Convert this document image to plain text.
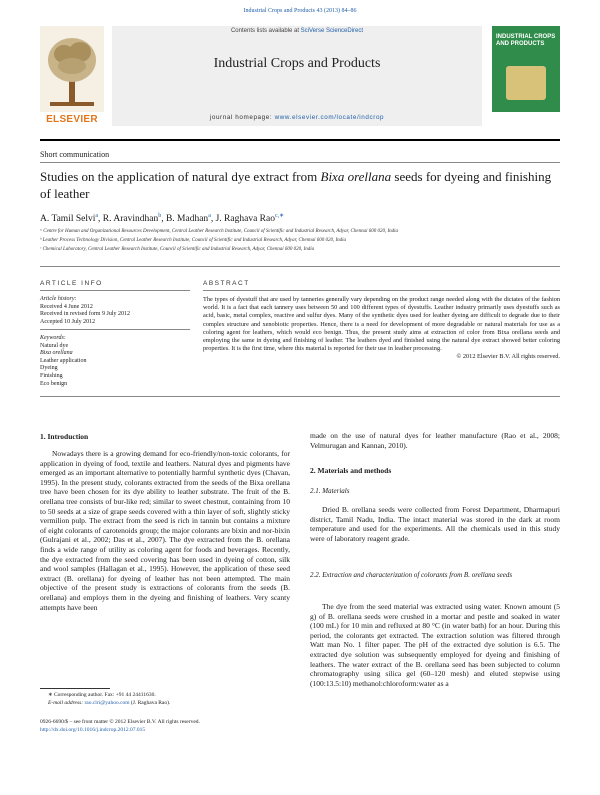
Industrial Crops and Products 43 (2013) 84–86
ELSEVIER
Contents lists available at SciVerse ScienceDirect
Industrial Crops and Products
journal homepage: www.elsevier.com/locate/indcrop
INDUSTRIAL CROPS AND PRODUCTS
Short communication
Studies on the application of natural dye extract from Bixa orellana seeds for dyeing and finishing of leather
A. Tamil Selvi$^a$, R. Aravindhan$^b$, B. Madhan$^a$, J. Raghava Rao$^{c,∗}$
ᵃ Centre for Human and Organizational Resources Development, Central Leather Research Institute, Council of Scientific and Industrial Research, Adyar, Chennai 600 020, India
ᵇ Leather Process Technology Division, Central Leather Research Institute, Council of Scientific and Industrial Research, Adyar, Chennai 600 020, India
ᶜ Chemical Laboratory, Central Leather Research Institute, Council of Scientific and Industrial Research, Adyar, Chennai 600 020, India
ARTICLE INFO
Article history:
Received 4 June 2012
Received in revised form 9 July 2012
Accepted 10 July 2012
Keywords:
Natural dye
Bixa orellana
Leather application
Dyeing
Finishing
Eco benign
ABSTRACT
The types of dyestuff that are used by tanneries generally vary depending on the product range needed along with the dictates of the fashion world. It is a fact that each tannery uses between 50 and 100 different types of dyestuffs. Leather industry primarily uses dyestuffs such as acid, basic, metal complex, reactive and sulfur dyes. Many of the synthetic dyes used for leather dyeing are difficult to degrade due to their complex structure and xenobiotic properties. Hence, there is a need for development of more degradable or natural materials for use as a coloring agent for leathers, which would eco benign. Thus, the present study aims at extraction of color from Bixa orellana seeds and employing the same in dyeing and finishing of leather. The leathers dyed and finished using the natural dye extract showed better coloring properties. It is the first time, where this material is reported for their use in leather processing.
© 2012 Elsevier B.V. All rights reserved.
1. Introduction
Nowadays there is a growing demand for eco-friendly/non-toxic colorants, for application in dyeing of food, textile and leathers. Natural dyes and pigments have emerged as an important alternative to potentially harmful synthetic dyes (Chavan, 1995). In the present study, colorants extracted from the seeds of the Bixa orellana tree have been chosen for its dye ability to leather substrate. The fruit of the B. orellana tree consists of bur-like red; similar to sweet chestnut, containing from 10 to 50 seeds at a size of grape seeds covered with a thin layer of soft, slightly sticky vermilion pulp. The extract from the seed is rich in tannin but contains a mixture of eight colorants of carotenoids group; the major colorants are bixin and nor-bixin (Gulrajani et al., 2002; Das et al., 2007). The dye extracted from the B. orellana finds a wide range of utility as coloring agent for foods and beverages. Recently, the dye extracted from the seed covering has been used in dyeing of cotton, silk and wool samples (Hallagan et al., 1995). However, the application of these seed extract (B. orellana) for dyeing of leather has not been attempted. The main objective of the present study is extractions of colorants from the seeds (B. orellana) and employs them in the dyeing and finishing of leathers. Very scanty attempts have been
made on the use of natural dyes for leather manufacture (Rao et al., 2008; Velmurugan and Kannan, 2010).
2. Materials and methods
2.1. Materials
Dried B. orellana seeds were collected from Forest Department, Dharmapuri district, Tamil Nadu, India. The intact material was stored in the dark at room temperature and used for the experiments. All the chemicals used in this study were of laboratory reagent grade.
2.2. Extraction and characterization of colorants from B. orellana seeds
The dye from the seed material was extracted using water. Known amount (5 g) of B. orellana seeds were crushed in a mortar and pestle and soaked in water (100 mL) for 10 min and refluxed at 80 °C (in water bath) for an hour. During this period, the colorants get extracted. The extraction solution was filtered through Watt man No. 1 filter paper. The pH of the extracted dye solution is 6.5. The extracted dye solution was subsequently employed for dyeing and finishing of leathers. The water extract of the B. orellana seed has been subjected to column chromatography using silica gel (60–120 mesh) and eluted stepwise using (100:13.5:10) methanol:chloroform:water as a
∗ Corresponding author. Fax: +91 44 24411630.
E-mail address: rao.clri@yahoo.com (J. Raghava Rao).
0926-6690/$ – see front matter © 2012 Elsevier B.V. All rights reserved.
http://dx.doi.org/10.1016/j.indcrop.2012.07.015
